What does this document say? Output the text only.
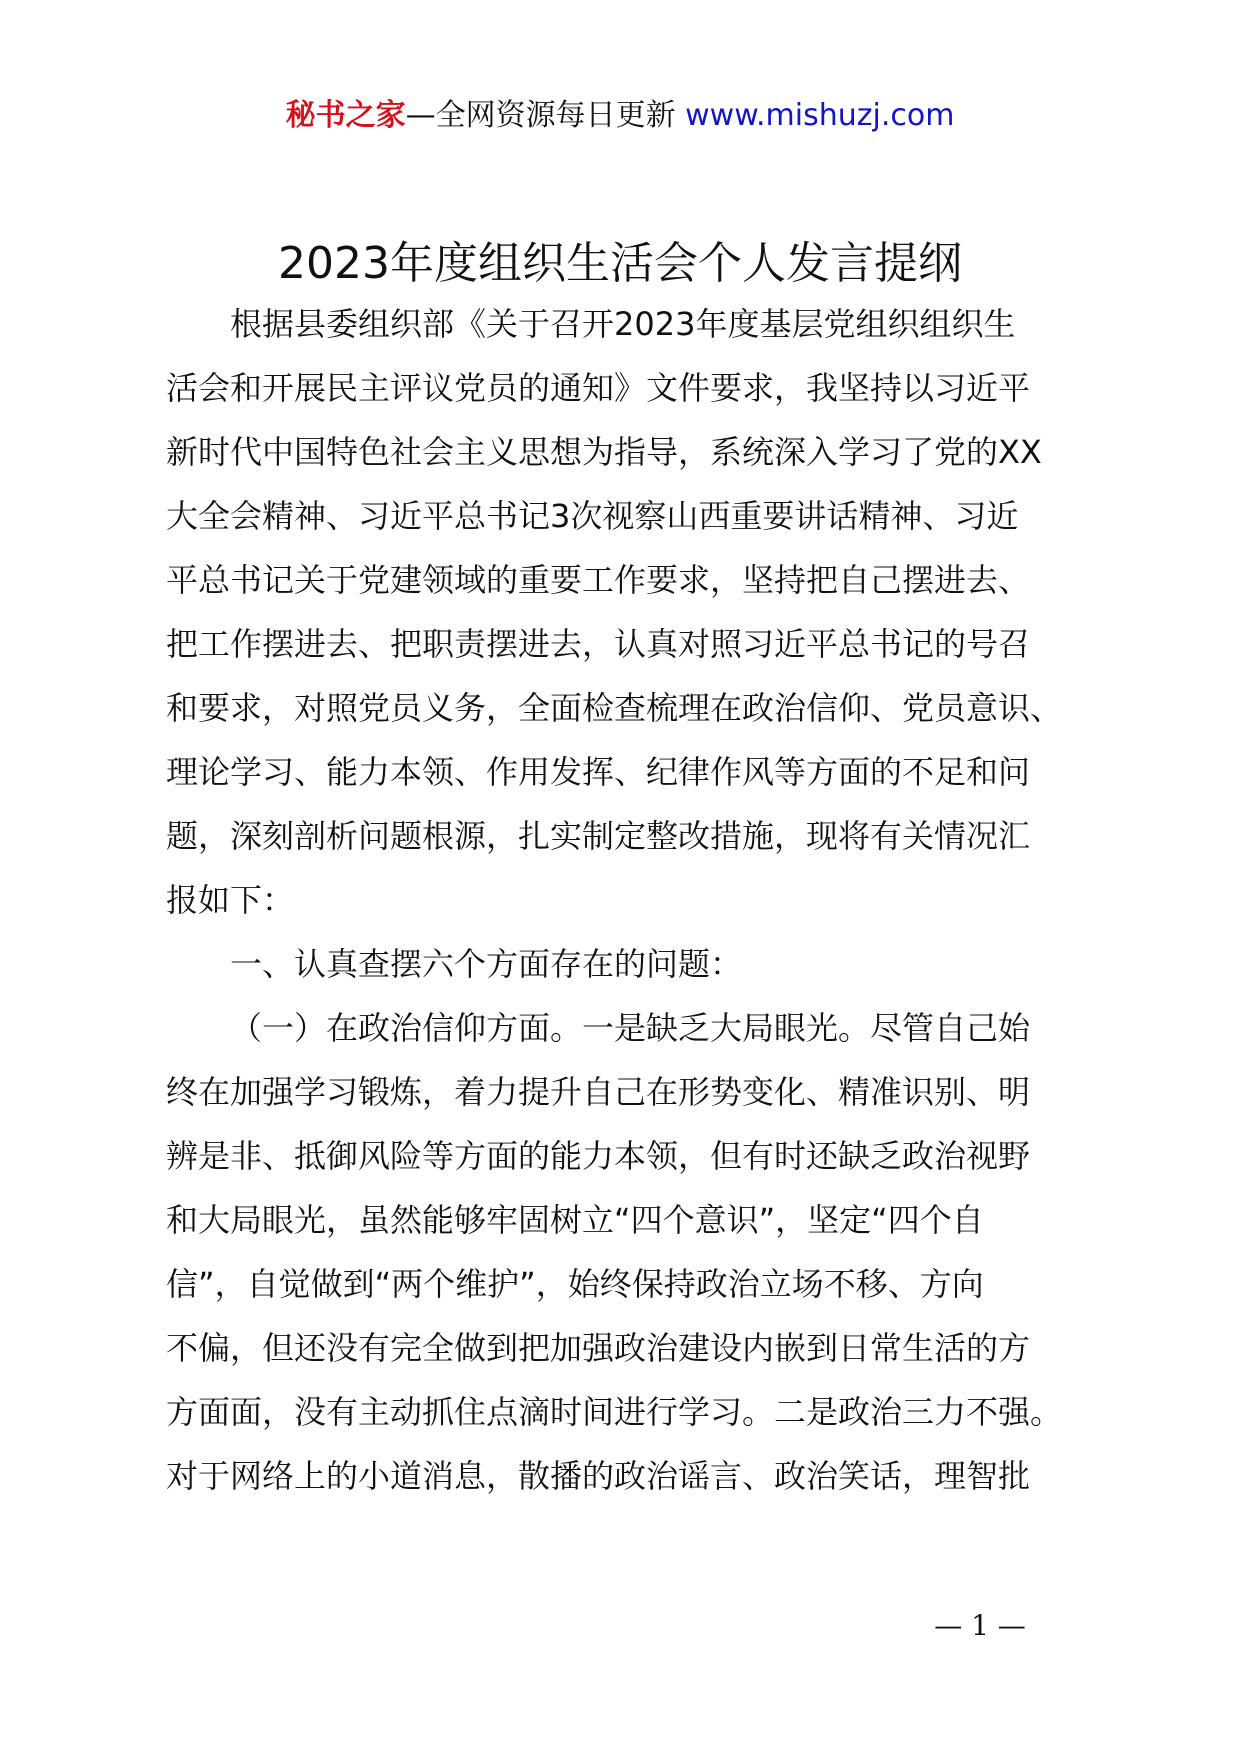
秘书之家—全网资源每日更新 www.mishuzj.com
2023年度组织生活会个人发言提纲
根据县委组织部《关于召开2023年度基层党组织组织生
活会和开展民主评议党员的通知》文件要求，我坚持以习近平
新时代中国特色社会主义思想为指导，系统深入学习了党的XX
大全会精神、习近平总书记3次视察山西重要讲话精神、习近
平总书记关于党建领域的重要工作要求，坚持把自己摆进去、
把工作摆进去、把职责摆进去，认真对照习近平总书记的号召
和要求，对照党员义务，全面检查梳理在政治信仰、党员意识、
理论学习、能力本领、作用发挥、纪律作风等方面的不足和问
题，深刻剖析问题根源，扎实制定整改措施，现将有关情况汇
报如下：
一、认真查摆六个方面存在的问题：
（一）在政治信仰方面。一是缺乏大局眼光。尽管自己始
终在加强学习锻炼，着力提升自己在形势变化、精准识别、明
辨是非、抵御风险等方面的能力本领，但有时还缺乏政治视野
和大局眼光，虽然能够牢固树立“四个意识”，坚定“四个自
信”，自觉做到“两个维护”，始终保持政治立场不移、方向
不偏，但还没有完全做到把加强政治建设内嵌到日常生活的方
方面面，没有主动抓住点滴时间进行学习。二是政治三力不强。
对于网络上的小道消息，散播的政治谣言、政治笑话，理智批
— 1 —
